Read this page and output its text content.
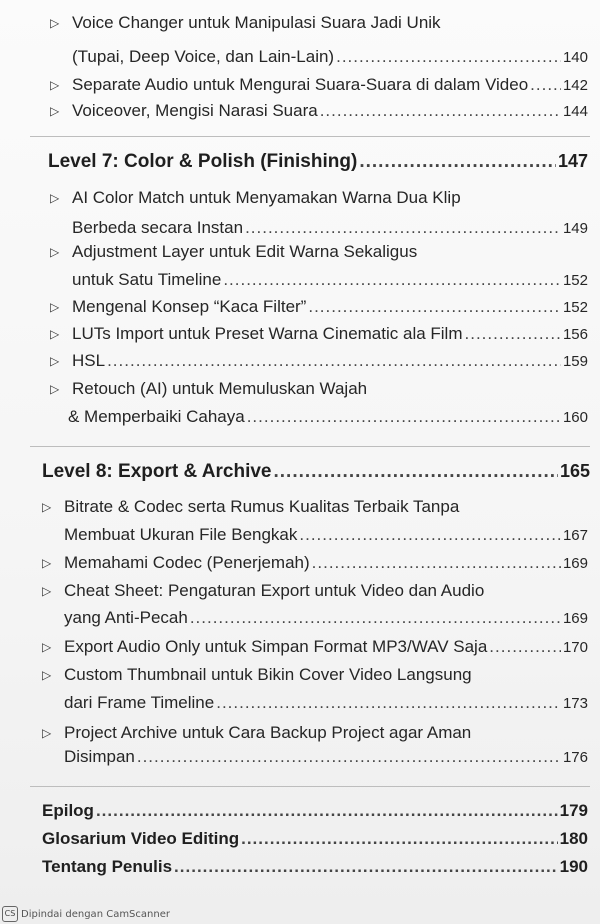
▷ Voice Changer untuk Manipulasi Suara Jadi Unik
(Tupai, Deep Voice, dan Lain-Lain) .....	140
▷ Separate Audio untuk Mengurai Suara-Suara di dalam Video ..... 142
▷ Voiceover, Mengisi Narasi Suara .....	144
Level 7: Color & Polish (Finishing) .....	147
▷ AI Color Match untuk Menyamakan Warna Dua Klip
Berbeda secara Instan .....	149
▷ Adjustment Layer untuk Edit Warna Sekaligus
untuk Satu Timeline .....	152
▷ Mengenal Konsep “Kaca Filter” .....	152
▷ LUTs Import untuk Preset Warna Cinematic ala Film .....	156
▷ HSL .....	159
▷ Retouch (AI) untuk Memuluskan Wajah
& Memperbaiki Cahaya .....	160
Level 8: Export & Archive .....	165
▷ Bitrate & Codec serta Rumus Kualitas Terbaik Tanpa
Membuat Ukuran File Bengkak .....	167
▷ Memahami Codec (Penerjemah) .....	169
▷ Cheat Sheet: Pengaturan Export untuk Video dan Audio
yang Anti-Pecah .....	169
▷ Export Audio Only untuk Simpan Format MP3/WAV Saja .....	170
▷ Custom Thumbnail untuk Bikin Cover Video Langsung
dari Frame Timeline .....	173
▷ Project Archive untuk Cara Backup Project agar Aman
Disimpan .....	176
Epilog .....	179
Glosarium Video Editing .....	180
Tentang Penulis .....	190
CS Dipindai dengan CamScanner
